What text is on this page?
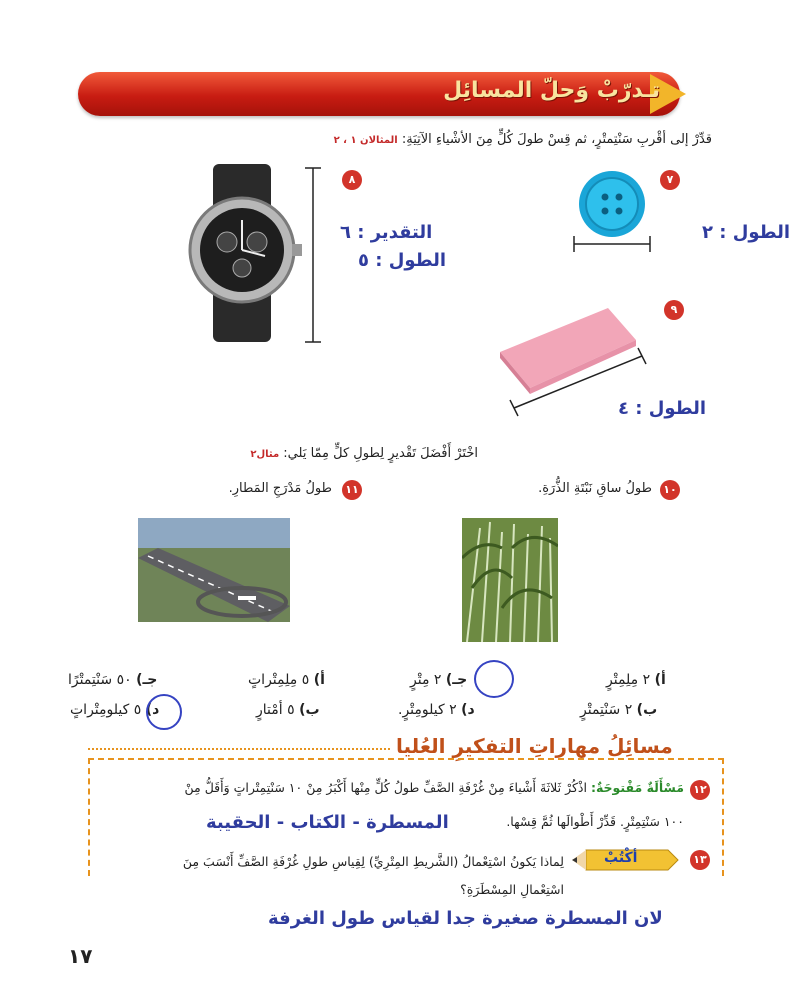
تـدرّبْ وَحلّ المسائِل
قدِّرْ إلى أقْربِ سَنْتِمتْرٍ، ثم قِسْ طولَ كُلٍّ مِنَ الأشْياءِ الآتِيَةِ: المثالان ١ ، ٢
٧
الطول : ٢
٨
التقدير : ٦
الطول : ٥
٩
الطول : ٤
اخْتَرْ أَفْضَلَ تَقْديرٍ لِطولِ كلٍّ مِمّا يَلي: مثال٢
١٠
طولُ ساقِ نَبْتَةِ الذُّرَةِ.
١١
طولُ مَدْرَجِ المَطارِ.
أ) ٢ مِلِمِتْرٍ
جـ) ٢ مِتْرٍ
ب) ٢ سَنْتِمتْرٍ
د) ٢ كيلومِتْرٍ.
أ) ٥ مِلِمِتْراتٍ
جـ) ٥٠ سَنْتِمتْرًا
ب) ٥ أمْتارٍ
د) ٥ كيلومِتْراتٍ
مسائِلُ مهاراتِ التفكيرِ العُليا
١٢
مَسْأَلَةٌ مَفْتوحَةٌ: اذْكُرْ ثَلاثَةَ أَشْياءَ مِنْ غُرْفَةِ الصَّفِّ طولُ كُلٍّ مِنْها أَكْبَرُ مِنْ ١٠ سَنْتِمِتْراتٍ وَأَقَلُّ مِنْ
١٠٠ سَنْتِمِتْرٍ. قَدِّرْ أَطْوالَها ثُمَّ قِسْها.
المسطرة - الكتاب - الحقيبة
١٣
أكْتُبْ
لِماذا يَكونُ اسْتِعْمالُ (الشَّريطِ المِتْرِيِّ) لِقِياسِ طولِ غُرْفَةِ الصَّفِّ أَنْسَبَ مِنَ
اسْتِعْمالِ المِسْطَرَةِ؟
لان المسطرة صغيرة جدا لقياس طول الغرفة
١٧
